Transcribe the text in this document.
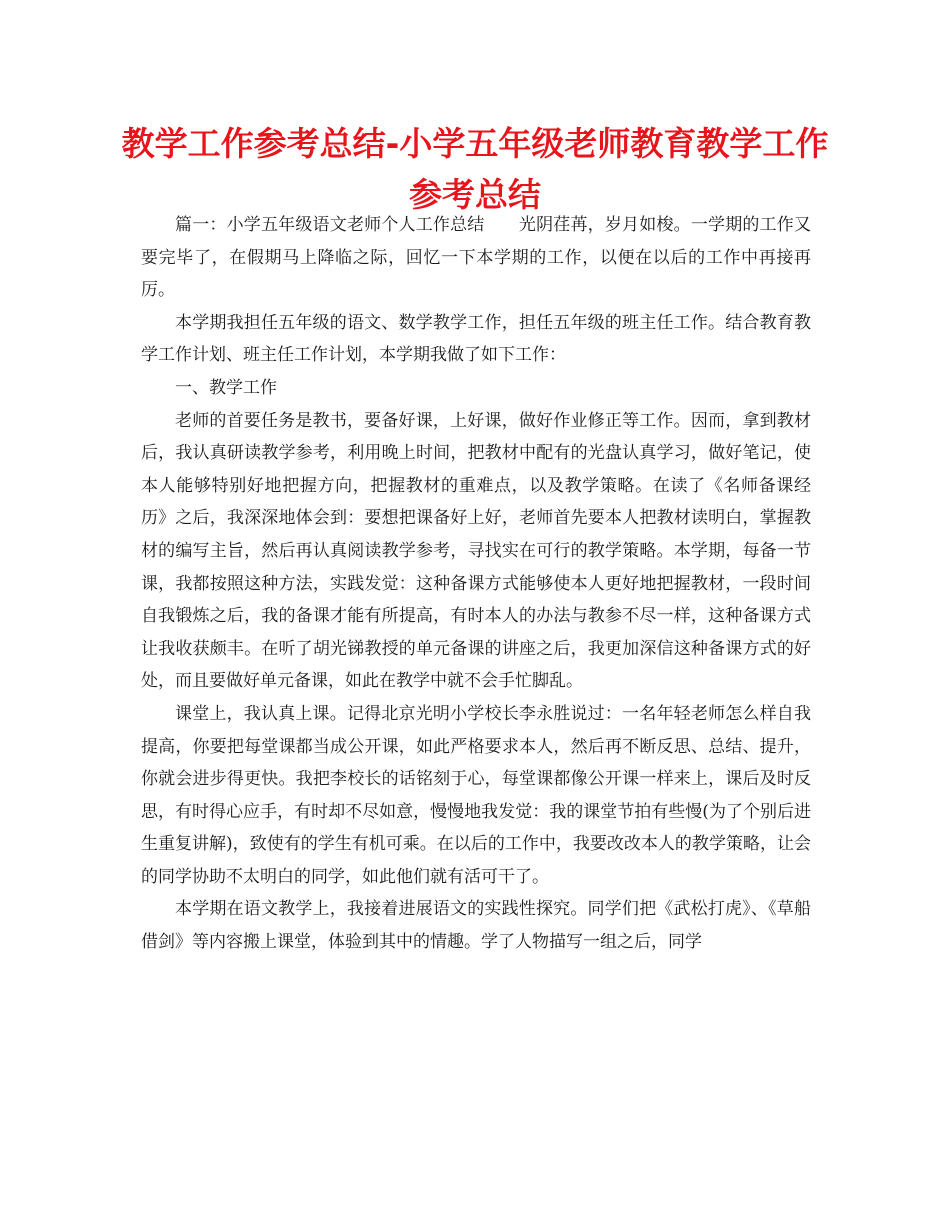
教学工作参考总结-小学五年级老师教育教学工作参考总结

篇一：小学五年级语文老师个人工作总结　　光阴荏苒，岁月如梭。一学期的工作又要完毕了，在假期马上降临之际，回忆一下本学期的工作，以便在以后的工作中再接再厉。

本学期我担任五年级的语文、数学教学工作，担任五年级的班主任工作。结合教育教学工作计划、班主任工作计划，本学期我做了如下工作：

一、教学工作

老师的首要任务是教书，要备好课，上好课，做好作业修正等工作。因而，拿到教材后，我认真研读教学参考，利用晚上时间，把教材中配有的光盘认真学习，做好笔记，使本人能够特别好地把握方向，把握教材的重难点，以及教学策略。在读了《名师备课经历》之后，我深深地体会到：要想把课备好上好，老师首先要本人把教材读明白，掌握教材的编写主旨，然后再认真阅读教学参考，寻找实在可行的教学策略。本学期，每备一节课，我都按照这种方法，实践发觉：这种备课方式能够使本人更好地把握教材，一段时间自我锻炼之后，我的备课才能有所提高，有时本人的办法与教参不尽一样，这种备课方式让我收获颇丰。在听了胡光锑教授的单元备课的讲座之后，我更加深信这种备课方式的好处，而且要做好单元备课，如此在教学中就不会手忙脚乱。

课堂上，我认真上课。记得北京光明小学校长李永胜说过：一名年轻老师怎么样自我提高，你要把每堂课都当成公开课，如此严格要求本人，然后再不断反思、总结、提升，你就会进步得更快。我把李校长的话铭刻于心，每堂课都像公开课一样来上，课后及时反思，有时得心应手，有时却不尽如意，慢慢地我发觉：我的课堂节拍有些慢(为了个别后进生重复讲解)，致使有的学生有机可乘。在以后的工作中，我要改改本人的教学策略，让会的同学协助不太明白的同学，如此他们就有活可干了。

本学期在语文教学上，我接着进展语文的实践性探究。同学们把《武松打虎》、《草船借剑》等内容搬上课堂，体验到其中的情趣。学了人物描写一组之后，同学
